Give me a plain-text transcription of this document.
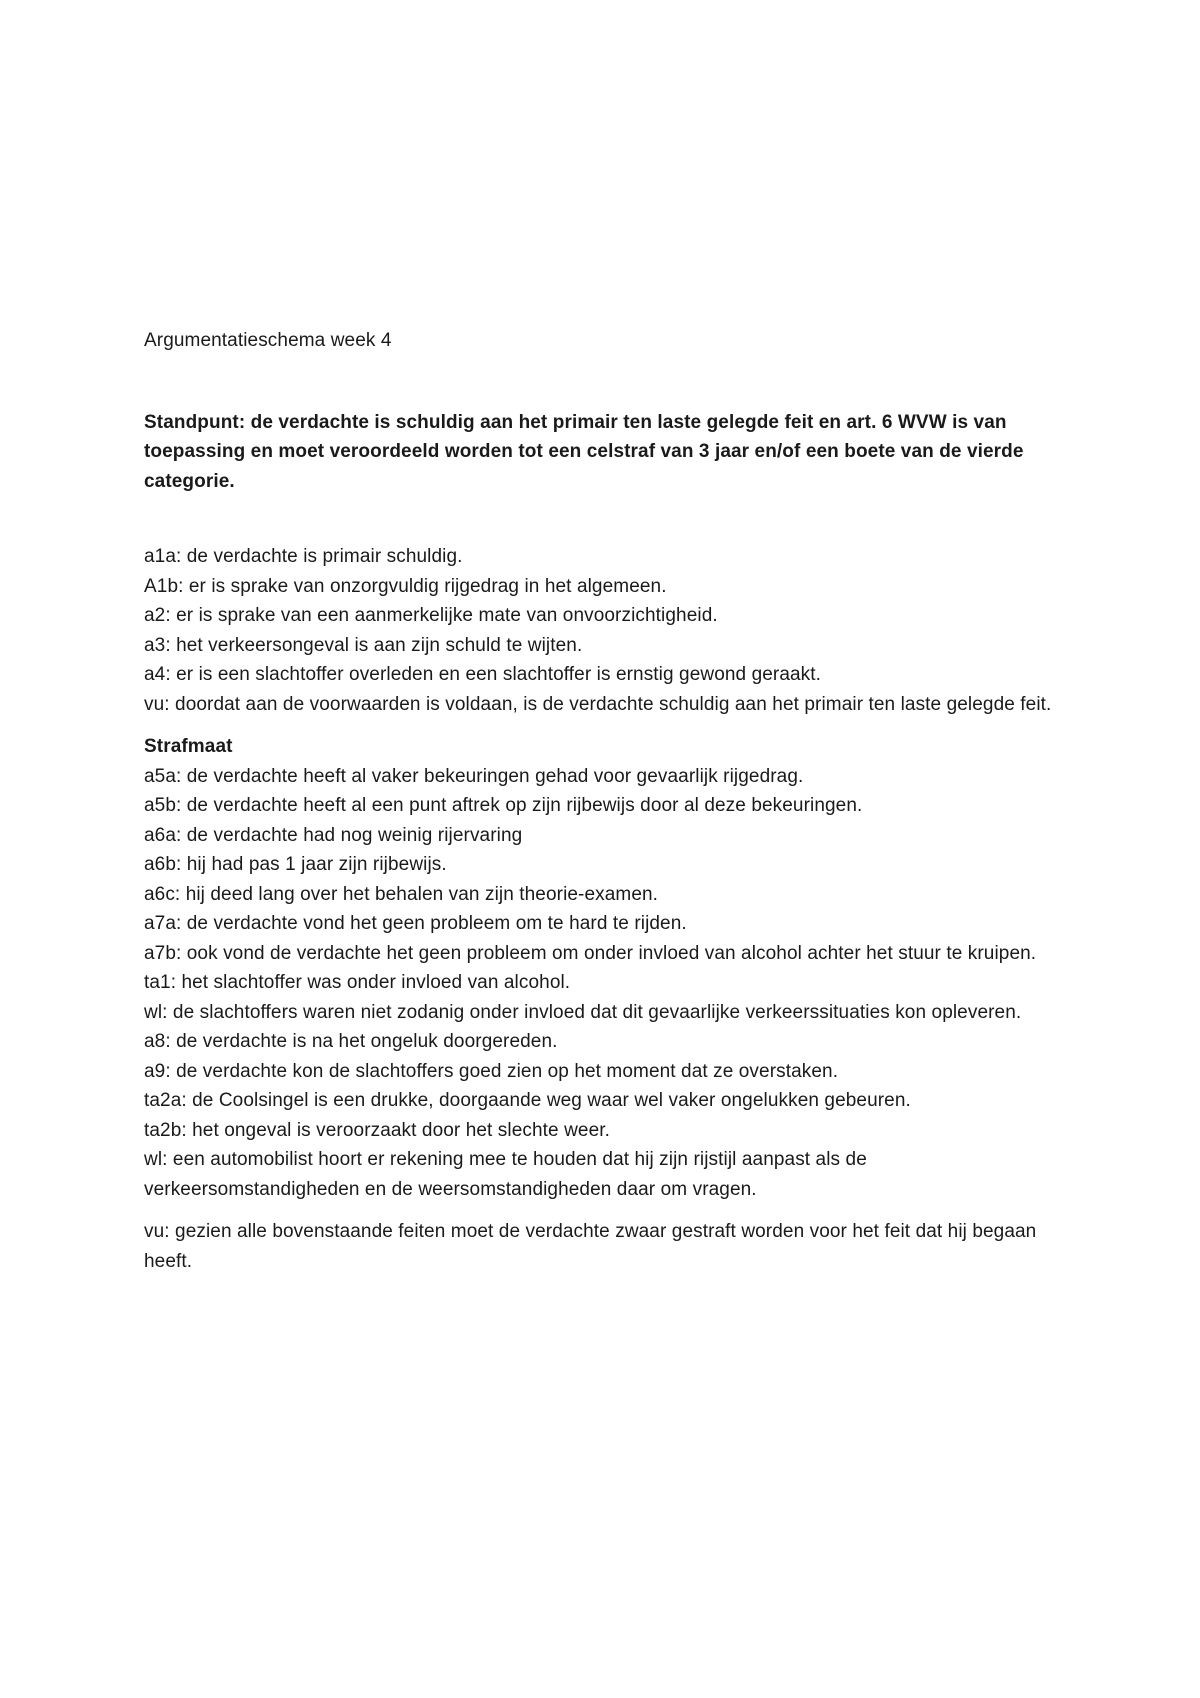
Argumentatieschema week 4

Standpunt: de verdachte is schuldig aan het primair ten laste gelegde feit en art. 6 WVW is van toepassing en moet veroordeeld worden tot een celstraf van 3 jaar en/of een boete van de vierde categorie.

a1a: de verdachte is primair schuldig.
A1b: er is sprake van onzorgvuldig rijgedrag in het algemeen.
a2: er is sprake van een aanmerkelijke mate van onvoorzichtigheid.
a3: het verkeersongeval is aan zijn schuld te wijten.
a4: er is een slachtoffer overleden en een slachtoffer is ernstig gewond geraakt.
vu: doordat aan de voorwaarden is voldaan, is de verdachte schuldig aan het primair ten laste gelegde feit.

Strafmaat

a5a: de verdachte heeft al vaker bekeuringen gehad voor gevaarlijk rijgedrag.
a5b: de verdachte heeft al een punt aftrek op zijn rijbewijs door al deze bekeuringen.
a6a: de verdachte had nog weinig rijervaring
a6b: hij had pas 1 jaar zijn rijbewijs.
a6c: hij deed lang over het behalen van zijn theorie-examen.
a7a: de verdachte vond het geen probleem om te hard te rijden.
a7b: ook vond de verdachte het geen probleem om onder invloed van alcohol achter het stuur te kruipen.
ta1: het slachtoffer was onder invloed van alcohol.
wl: de slachtoffers waren niet zodanig onder invloed dat dit gevaarlijke verkeerssituaties kon opleveren.
a8: de verdachte is na het ongeluk doorgereden.
a9: de verdachte kon de slachtoffers goed zien op het moment dat ze overstaken.
ta2a: de Coolsingel is een drukke, doorgaande weg waar wel vaker ongelukken gebeuren.
ta2b: het ongeval is veroorzaakt door het slechte weer.
wl: een automobilist hoort er rekening mee te houden dat hij zijn rijstijl aanpast als de verkeersomstandigheden en de weersomstandigheden daar om vragen.

vu: gezien alle bovenstaande feiten moet de verdachte zwaar gestraft worden voor het feit dat hij begaan heeft.
